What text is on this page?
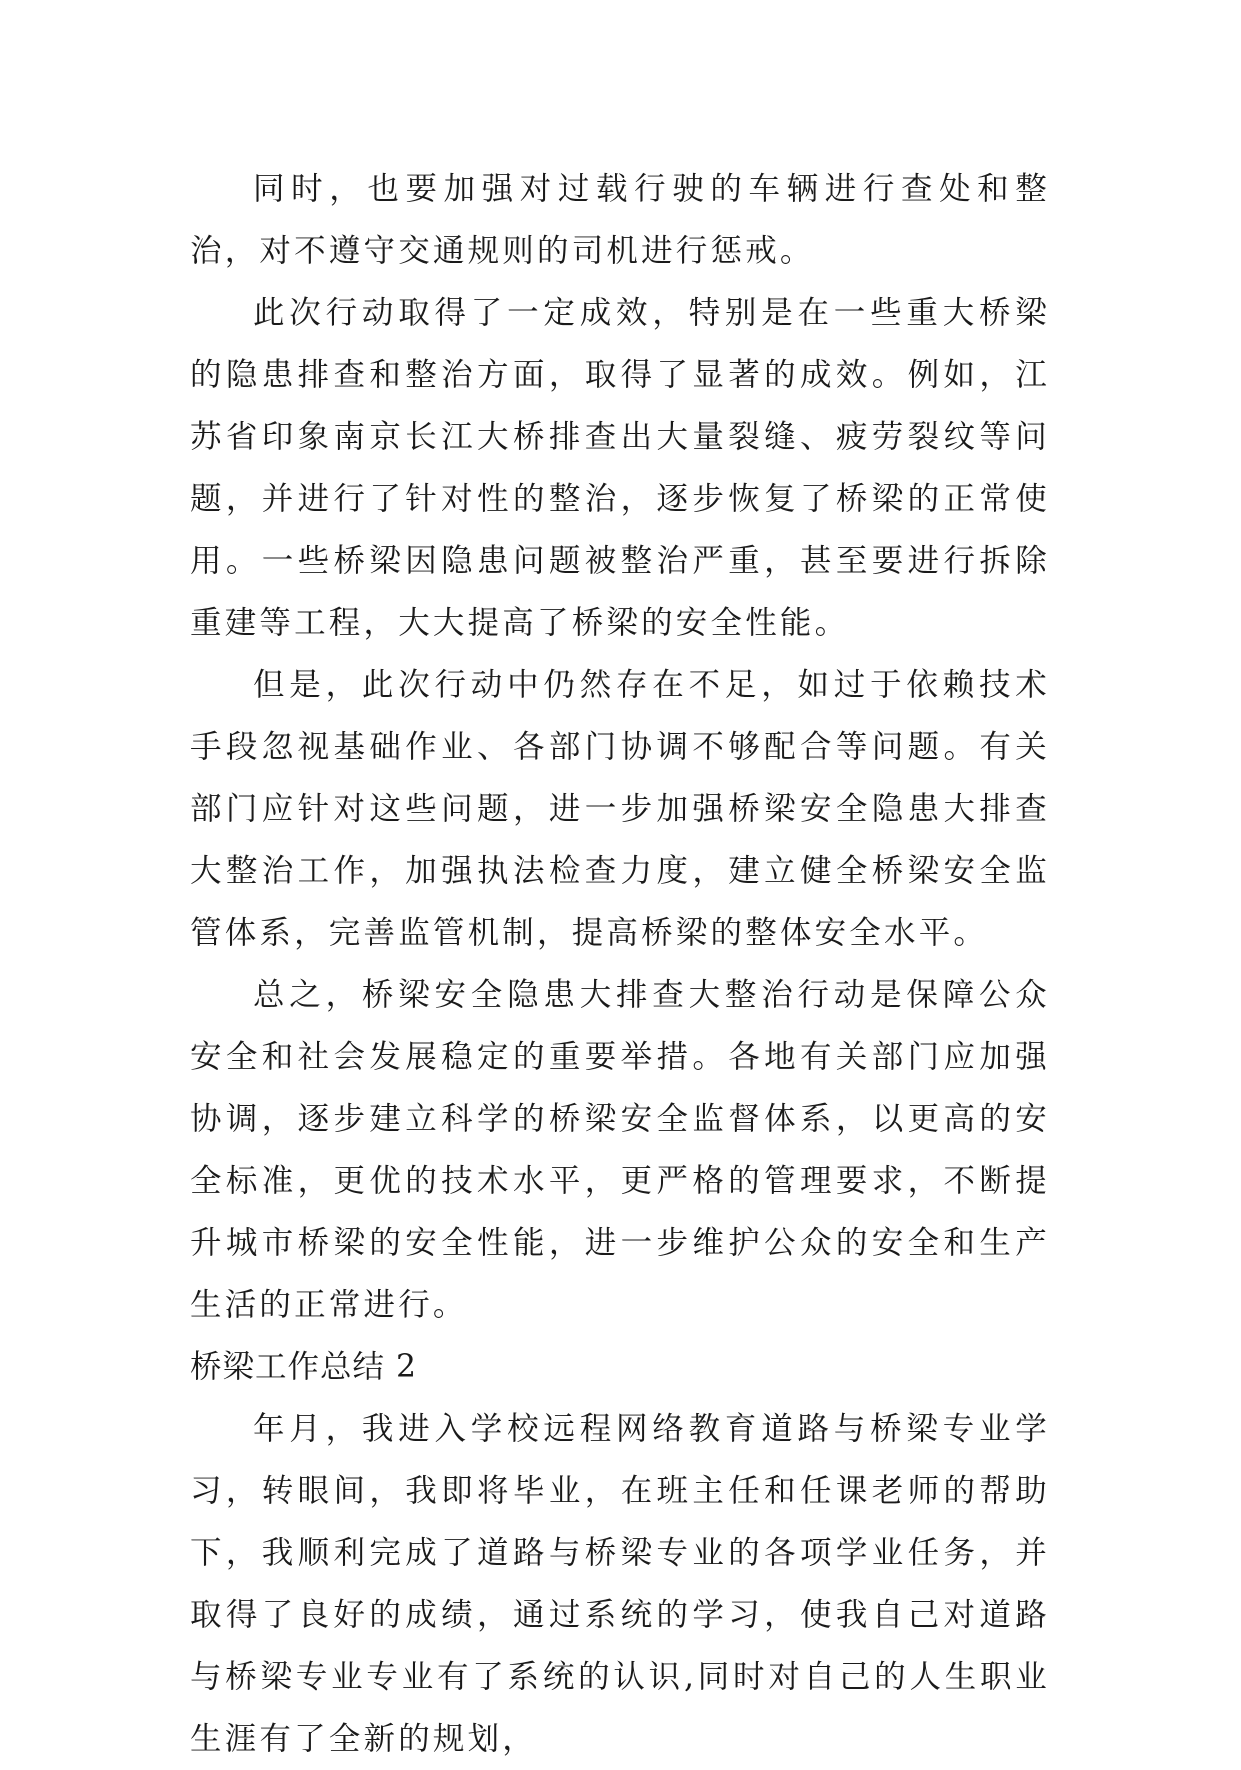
同时，也要加强对过载行驶的车辆进行查处和整治，对不遵守交通规则的司机进行惩戒。

此次行动取得了一定成效，特别是在一些重大桥梁的隐患排查和整治方面，取得了显著的成效。例如，江苏省印象南京长江大桥排查出大量裂缝、疲劳裂纹等问题，并进行了针对性的整治，逐步恢复了桥梁的正常使用。一些桥梁因隐患问题被整治严重，甚至要进行拆除重建等工程，大大提高了桥梁的安全性能。

但是，此次行动中仍然存在不足，如过于依赖技术手段忽视基础作业、各部门协调不够配合等问题。有关部门应针对这些问题，进一步加强桥梁安全隐患大排查大整治工作，加强执法检查力度，建立健全桥梁安全监管体系，完善监管机制，提高桥梁的整体安全水平。

总之，桥梁安全隐患大排查大整治行动是保障公众安全和社会发展稳定的重要举措。各地有关部门应加强协调，逐步建立科学的桥梁安全监督体系，以更高的安全标准，更优的技术水平，更严格的管理要求，不断提升城市桥梁的安全性能，进一步维护公众的安全和生产生活的正常进行。

桥梁工作总结 2

年月，我进入学校远程网络教育道路与桥梁专业学习，转眼间，我即将毕业，在班主任和任课老师的帮助下，我顺利完成了道路与桥梁专业的各项学业任务，并取得了良好的成绩，通过系统的学习，使我自己对道路与桥梁专业专业有了系统的认识,同时对自己的人生职业生涯有了全新的规划，
